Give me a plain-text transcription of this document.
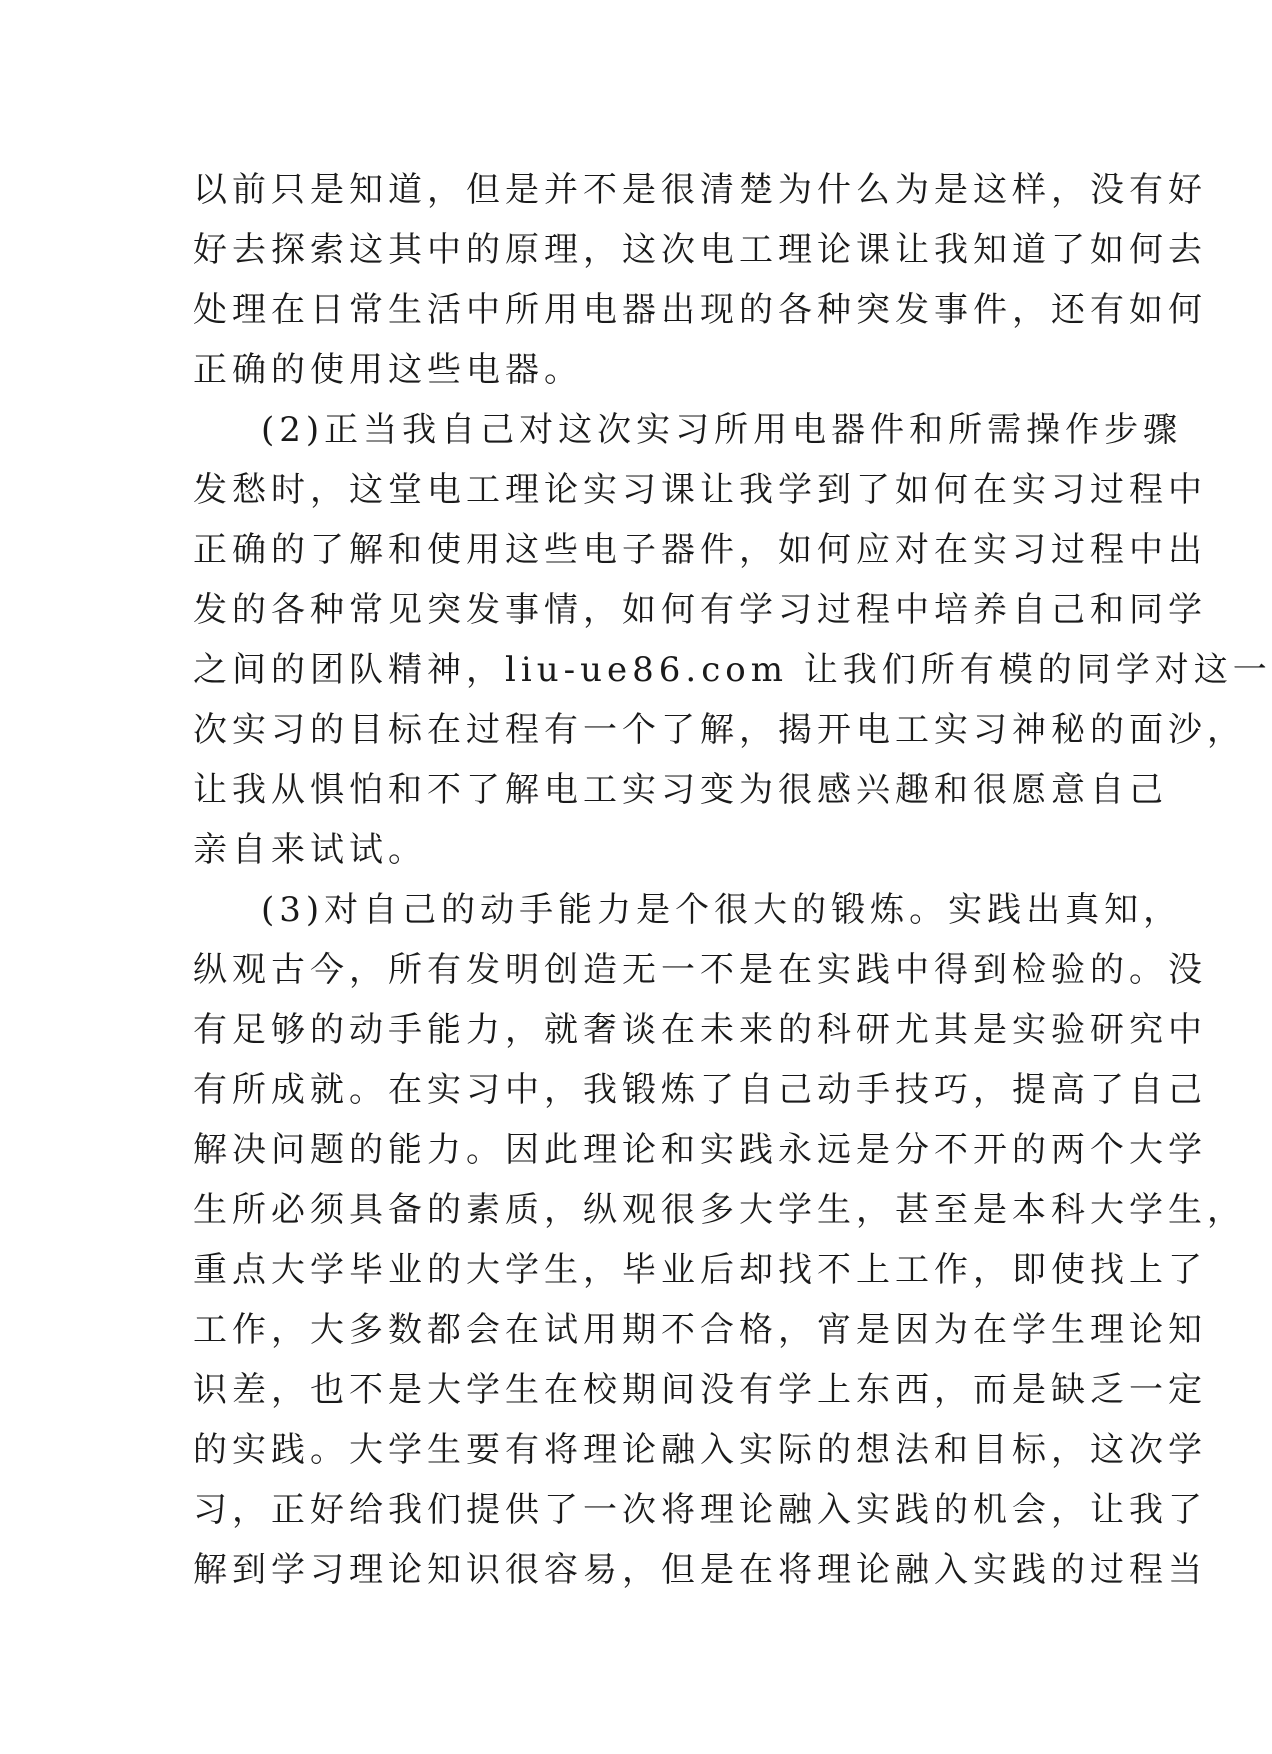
以前只是知道，但是并不是很清楚为什么为是这样，没有好
好去探索这其中的原理，这次电工理论课让我知道了如何去
处理在日常生活中所用电器出现的各种突发事件，还有如何
正确的使用这些电器。
(2)正当我自己对这次实习所用电器件和所需操作步骤
发愁时，这堂电工理论实习课让我学到了如何在实习过程中
正确的了解和使用这些电子器件，如何应对在实习过程中出
发的各种常见突发事情，如何有学习过程中培养自己和同学
之间的团队精神，liu-ue86.com 让我们所有模的同学对这一
次实习的目标在过程有一个了解，揭开电工实习神秘的面沙，
让我从惧怕和不了解电工实习变为很感兴趣和很愿意自己
亲自来试试。
(3)对自己的动手能力是个很大的锻炼。实践出真知，
纵观古今，所有发明创造无一不是在实践中得到检验的。没
有足够的动手能力，就奢谈在未来的科研尤其是实验研究中
有所成就。在实习中，我锻炼了自己动手技巧，提高了自己
解决问题的能力。因此理论和实践永远是分不开的两个大学
生所必须具备的素质，纵观很多大学生，甚至是本科大学生，
重点大学毕业的大学生，毕业后却找不上工作，即使找上了
工作，大多数都会在试用期不合格，宵是因为在学生理论知
识差，也不是大学生在校期间没有学上东西，而是缺乏一定
的实践。大学生要有将理论融入实际的想法和目标，这次学
习，正好给我们提供了一次将理论融入实践的机会，让我了
解到学习理论知识很容易，但是在将理论融入实践的过程当
